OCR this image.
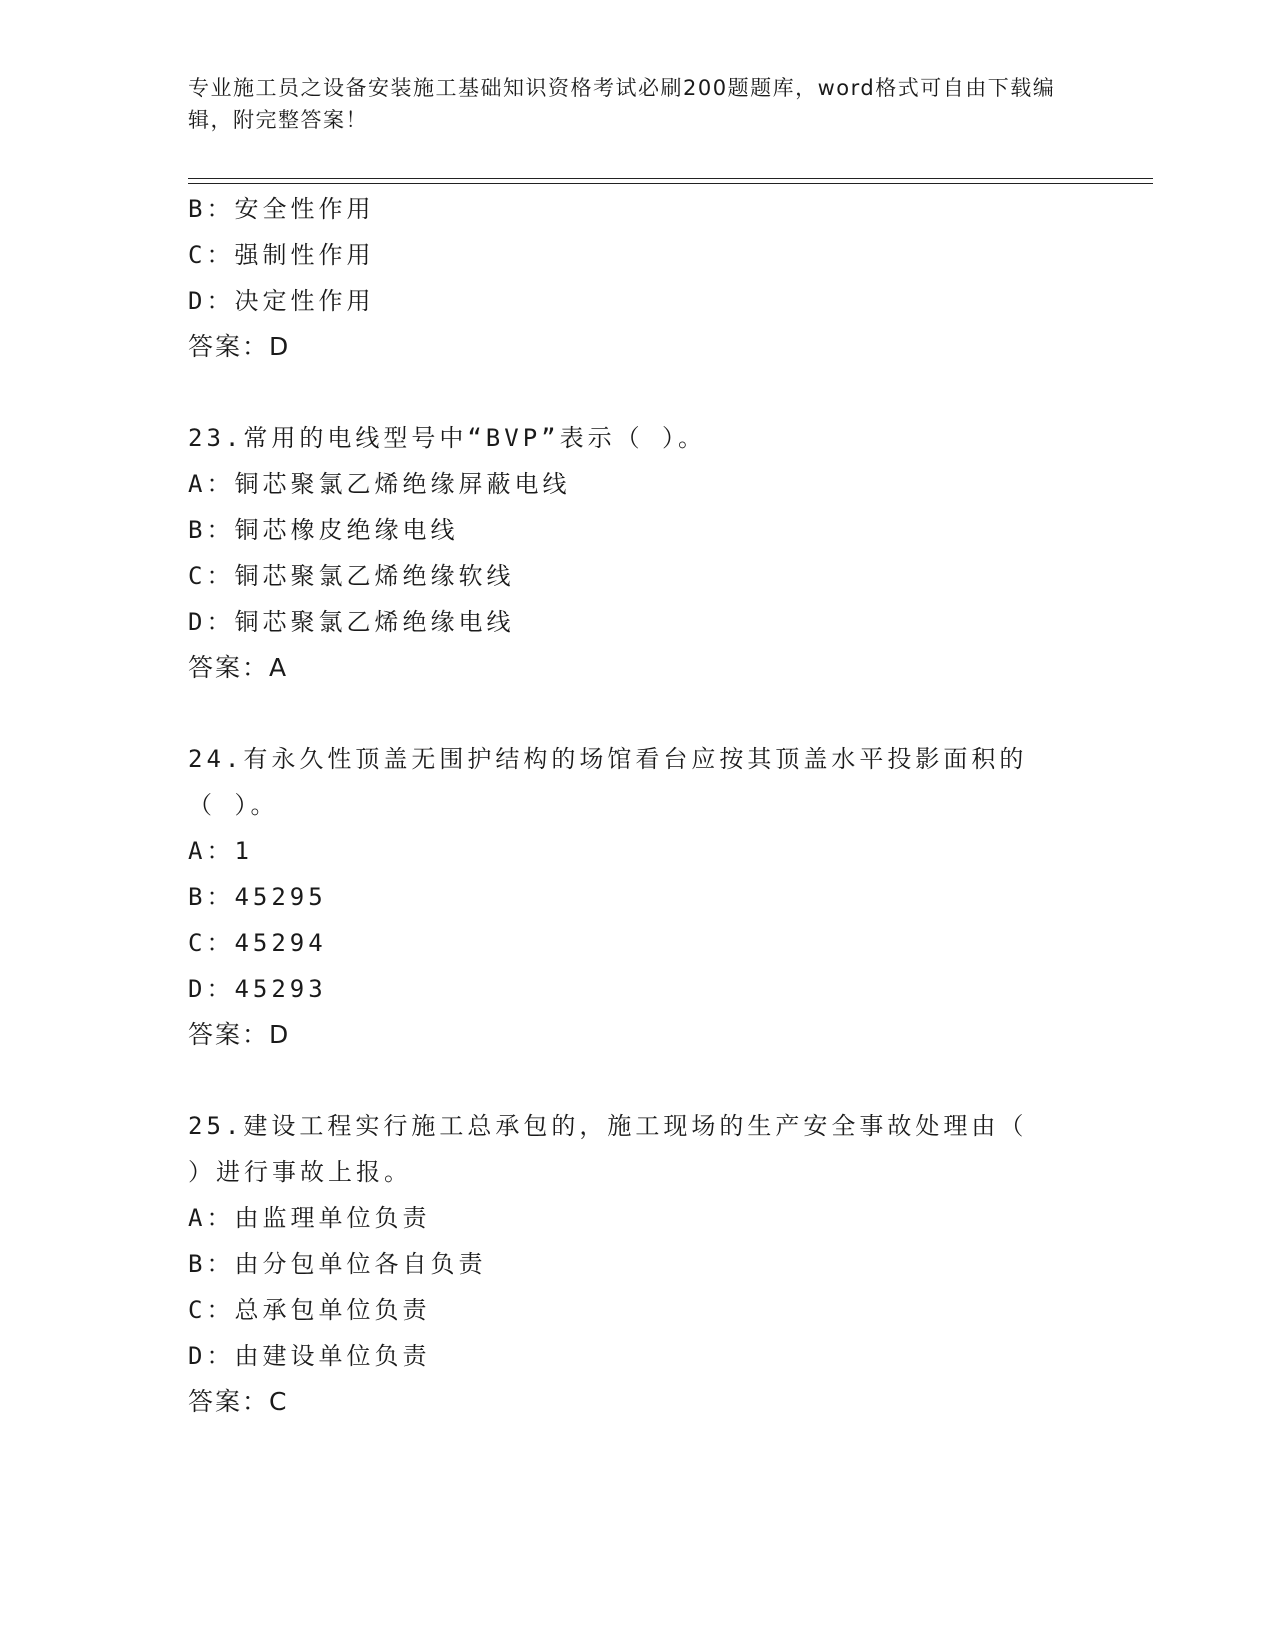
专业施工员之设备安装施工基础知识资格考试必刷200题题库，word格式可自由下载编辑，附完整答案！
B：安全性作用
C：强制性作用
D：决定性作用
答案：D
23.常用的电线型号中“BVP”表示（ ）。
A：铜芯聚氯乙烯绝缘屏蔽电线
B：铜芯橡皮绝缘电线
C：铜芯聚氯乙烯绝缘软线
D：铜芯聚氯乙烯绝缘电线
答案：A
24.有永久性顶盖无围护结构的场馆看台应按其顶盖水平投影面积的（ ）。
A：1
B：45295
C：45294
D：45293
答案：D
25.建设工程实行施工总承包的，施工现场的生产安全事故处理由（ ）进行事故上报。
A：由监理单位负责
B：由分包单位各自负责
C：总承包单位负责
D：由建设单位负责
答案：C
